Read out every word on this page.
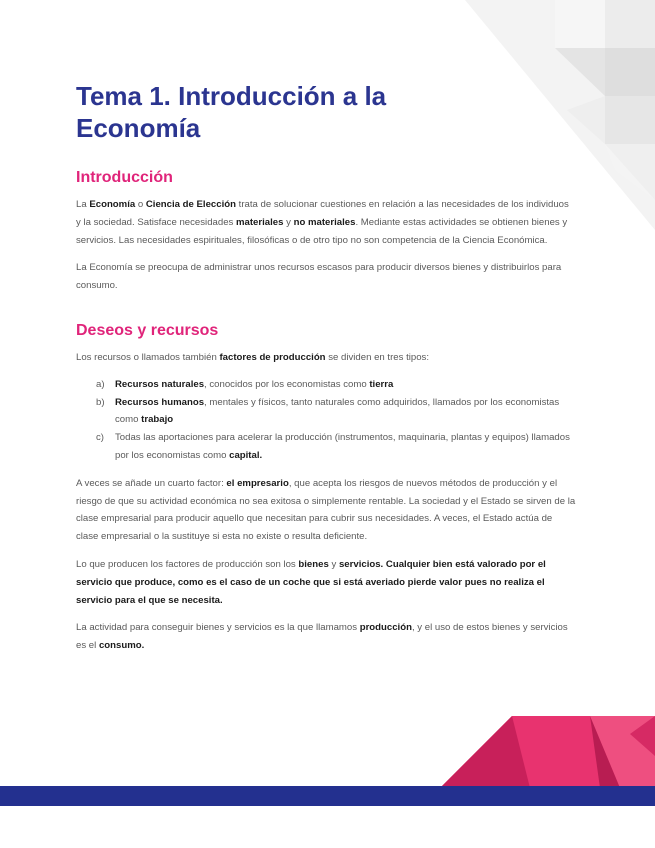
Tema 1. Introducción a la Economía
Introducción

La Economía o Ciencia de Elección trata de solucionar cuestiones en relación a las necesidades de los individuos y la sociedad. Satisface necesidades materiales y no materiales. Mediante estas actividades se obtienen bienes y servicios. Las necesidades espirituales, filosóficas o de otro tipo no son competencia de la Ciencia Económica.

La Economía se preocupa de administrar unos recursos escasos para producir diversos bienes y distribuirlos para consumo.

Deseos y recursos

Los recursos o llamados también factores de producción se dividen en tres tipos:

a) Recursos naturales, conocidos por los economistas como tierra
b) Recursos humanos, mentales y físicos, tanto naturales como adquiridos, llamados por los economistas como trabajo
c) Todas las aportaciones para acelerar la producción (instrumentos, maquinaria, plantas y equipos) llamados por los economistas como capital.

A veces se añade un cuarto factor: el empresario, que acepta los riesgos de nuevos métodos de producción y el riesgo de que su actividad económica no sea exitosa o simplemente rentable. La sociedad y el Estado se sirven de la clase empresarial para producir aquello que necesitan para cubrir sus necesidades. A veces, el Estado actúa de clase empresarial o la sustituye si esta no existe o resulta deficiente.

Lo que producen los factores de producción son los bienes y servicios. Cualquier bien está valorado por el servicio que produce, como es el caso de un coche que si está averiado pierde valor pues no realiza el servicio para el que se necesita.

La actividad para conseguir bienes y servicios es la que llamamos producción, y el uso de estos bienes y servicios es el consumo.
